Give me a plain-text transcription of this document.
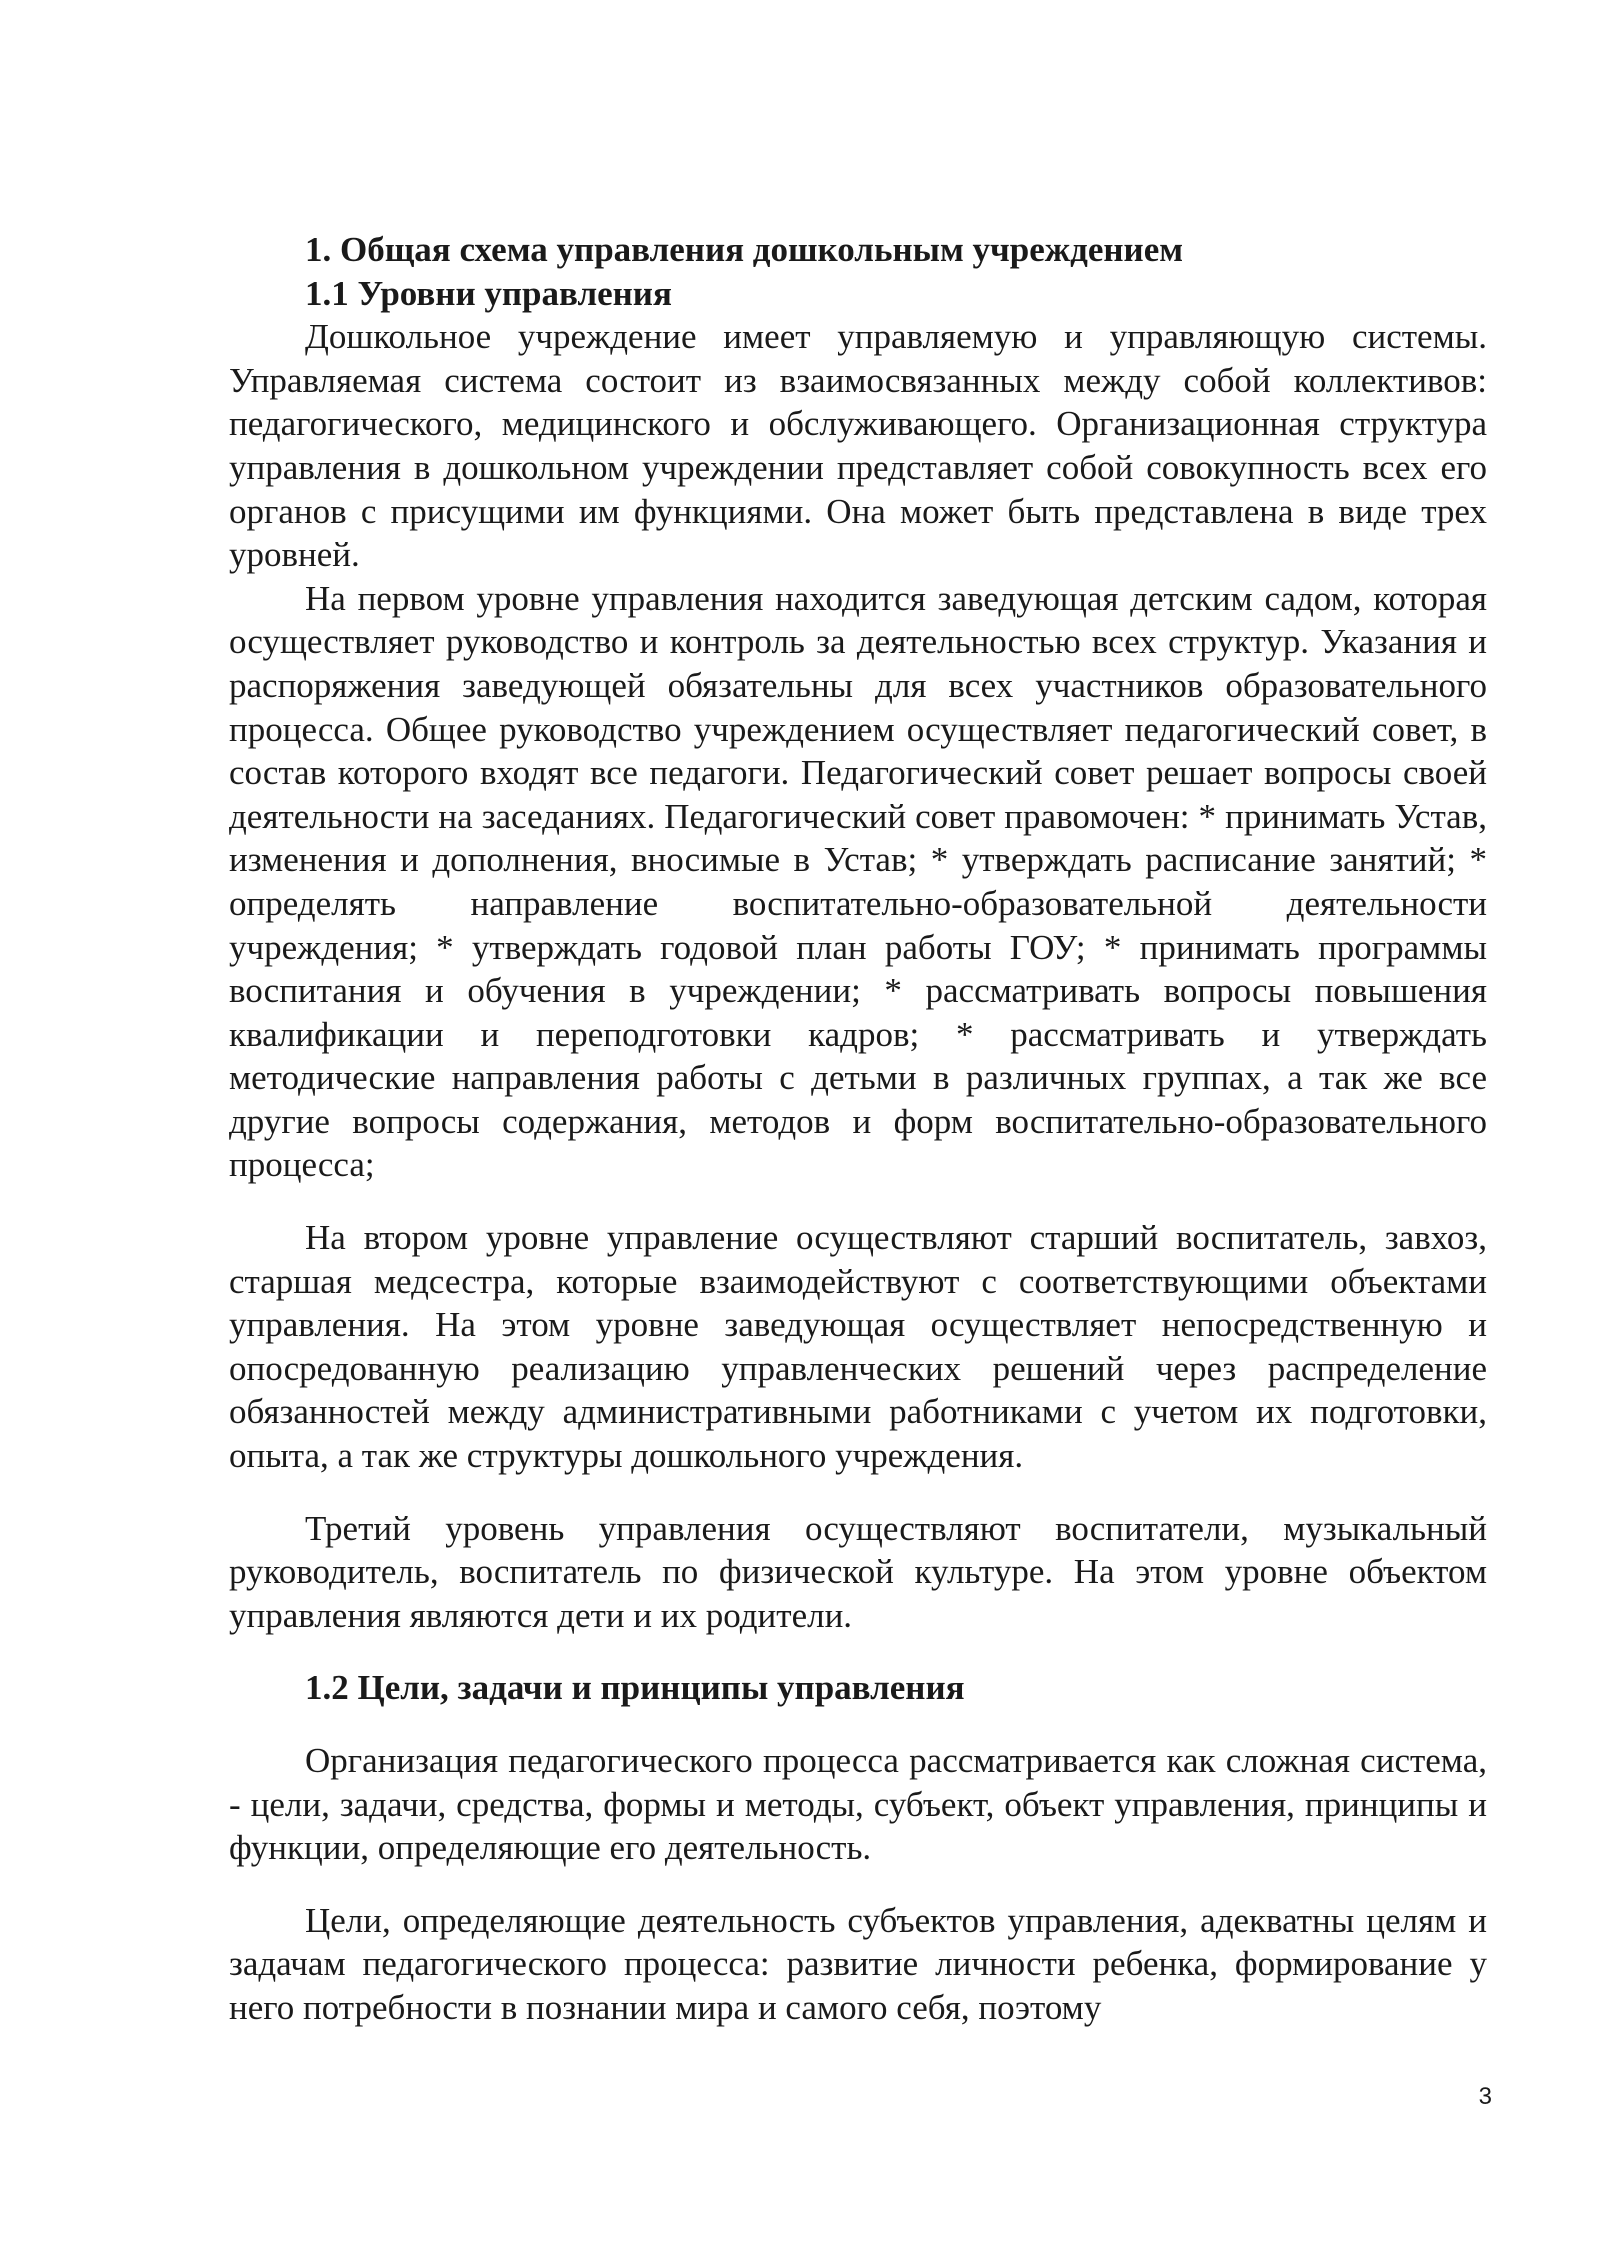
1. Общая схема управления дошкольным учреждением

1.1 Уровни управления

Дошкольное учреждение имеет управляемую и управляющую системы. Управляемая система состоит из взаимосвязанных между собой коллективов: педагогического, медицинского и обслуживающего. Организационная структура управления в дошкольном учреждении представляет собой совокупность всех его органов с присущими им функциями. Она может быть представлена в виде трех уровней.

На первом уровне управления находится заведующая детским садом, которая осуществляет руководство и контроль за деятельностью всех структур. Указания и распоряжения заведующей обязательны для всех участников образовательного процесса. Общее руководство учреждением осуществляет педагогический совет, в состав которого входят все педагоги. Педагогический совет решает вопросы своей деятельности на заседаниях. Педагогический совет правомочен: * принимать Устав, изменения и дополнения, вносимые в Устав; * утверждать расписание занятий; * определять направление воспитательно-образовательной деятельности учреждения; * утверждать годовой план работы ГОУ; * принимать программы воспитания и обучения в учреждении; * рассматривать вопросы повышения квалификации и переподготовки кадров; * рассматривать и утверждать методические направления работы с детьми в различных группах, а так же все другие вопросы содержания, методов и форм воспитательно-образовательного процесса;

На втором уровне управление осуществляют старший воспитатель, завхоз, старшая медсестра, которые взаимодействуют с соответствующими объектами управления. На этом уровне заведующая осуществляет непосредственную и опосредованную реализацию управленческих решений через распределение обязанностей между административными работниками с учетом их подготовки, опыта, а так же структуры дошкольного учреждения.

Третий уровень управления осуществляют воспитатели, музыкальный руководитель, воспитатель по физической культуре. На этом уровне объектом управления являются дети и их родители.

1.2 Цели, задачи и принципы управления

Организация педагогического процесса рассматривается как сложная система, - цели, задачи, средства, формы и методы, субъект, объект управления, принципы и функции, определяющие его деятельность.

Цели, определяющие деятельность субъектов управления, адекватны целям и задачам педагогического процесса: развитие личности ребенка, формирование у него потребности в познании мира и самого себя, поэтому

3
